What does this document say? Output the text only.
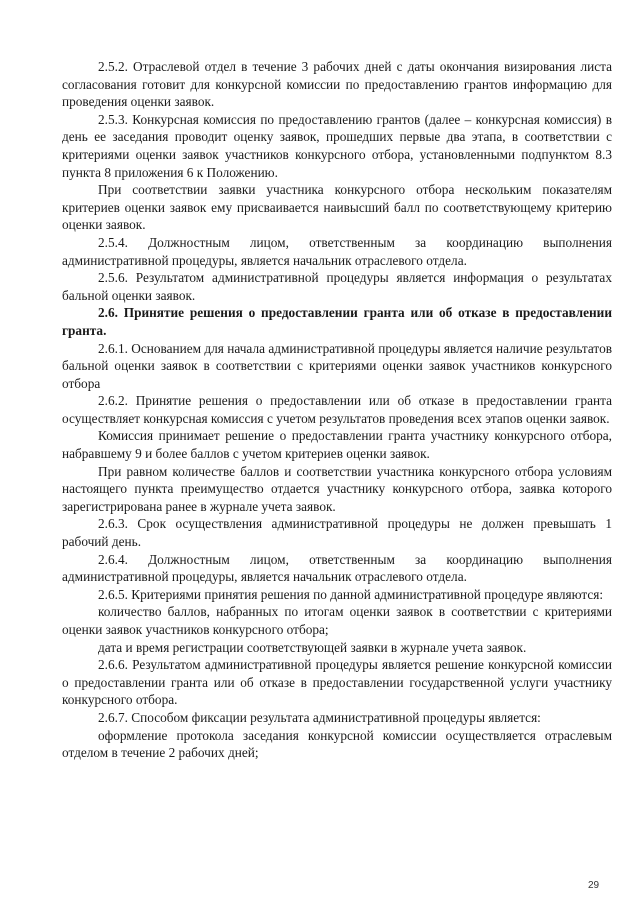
2.5.2. Отраслевой отдел в течение 3 рабочих дней с даты окончания визирования листа согласования готовит для конкурсной комиссии по предоставлению грантов информацию для проведения оценки заявок.

2.5.3. Конкурсная комиссия по предоставлению грантов (далее – конкурсная комиссия) в день ее заседания проводит оценку заявок, прошедших первые два этапа, в соответствии с критериями оценки заявок участников конкурсного отбора, установленными подпунктом 8.3 пункта 8 приложения 6 к Положению.

При соответствии заявки участника конкурсного отбора нескольким показателям критериев оценки заявок ему присваивается наивысший балл по соответствующему критерию оценки заявок.

2.5.4. Должностным лицом, ответственным за координацию выполнения административной процедуры, является начальник отраслевого отдела.

2.5.6. Результатом административной процедуры является информация о результатах бальной оценки заявок.

2.6. Принятие решения о предоставлении гранта или об отказе в предоставлении гранта.

2.6.1. Основанием для начала административной процедуры является наличие результатов бальной оценки заявок в соответствии с критериями оценки заявок участников конкурсного отбора

2.6.2. Принятие решения о предоставлении или об отказе в предоставлении гранта осуществляет конкурсная комиссия с учетом результатов проведения всех этапов оценки заявок.

Комиссия принимает решение о предоставлении гранта участнику конкурсного отбора, набравшему 9 и более баллов с учетом критериев оценки заявок.

При равном количестве баллов и соответствии участника конкурсного отбора условиям настоящего пункта преимущество отдается участнику конкурсного отбора, заявка которого зарегистрирована ранее в журнале учета заявок.

2.6.3. Срок осуществления административной процедуры не должен превышать 1 рабочий день.

2.6.4. Должностным лицом, ответственным за координацию выполнения административной процедуры, является начальник отраслевого отдела.

2.6.5. Критериями принятия решения по данной административной процедуре являются:

количество баллов, набранных по итогам оценки заявок в соответствии с критериями оценки заявок участников конкурсного отбора;

дата и время регистрации соответствующей заявки в журнале учета заявок.

2.6.6. Результатом административной процедуры является решение конкурсной комиссии о предоставлении гранта или об отказе в предоставлении государственной услуги участнику конкурсного отбора.

2.6.7. Способом фиксации результата административной процедуры является:

оформление протокола заседания конкурсной комиссии осуществляется отраслевым отделом в течение 2 рабочих дней;

29
